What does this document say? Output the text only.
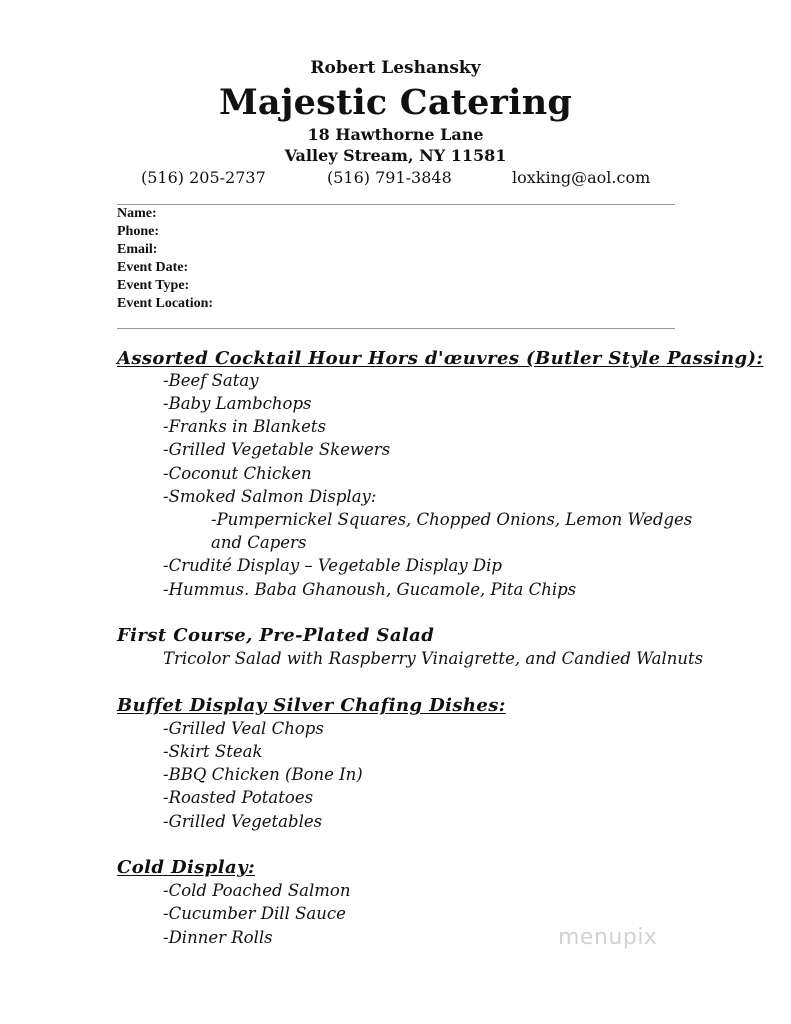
Robert Leshansky
Majestic Catering
18 Hawthorne Lane
Valley Stream, NY 11581
(516) 205-2737	(516) 791-3848	loxking@aol.com
Name:
Phone:
Email:
Event Date:
Event Type:
Event Location:
Assorted Cocktail Hour Hors d'œuvres (Butler Style Passing):
-Beef Satay
-Baby Lambchops
-Franks in Blankets
-Grilled Vegetable Skewers
-Coconut Chicken
-Smoked Salmon Display:
-Pumpernickel Squares, Chopped Onions, Lemon Wedges
and Capers
-Crudité Display – Vegetable Display Dip
-Hummus. Baba Ghanoush, Gucamole, Pita Chips
First Course, Pre-Plated Salad
Tricolor Salad with Raspberry Vinaigrette, and Candied Walnuts
Buffet Display Silver Chafing Dishes:
-Grilled Veal Chops
-Skirt Steak
-BBQ Chicken (Bone In)
-Roasted Potatoes
-Grilled Vegetables
Cold Display:
-Cold Poached Salmon
-Cucumber Dill Sauce
-Dinner Rolls	menupix
